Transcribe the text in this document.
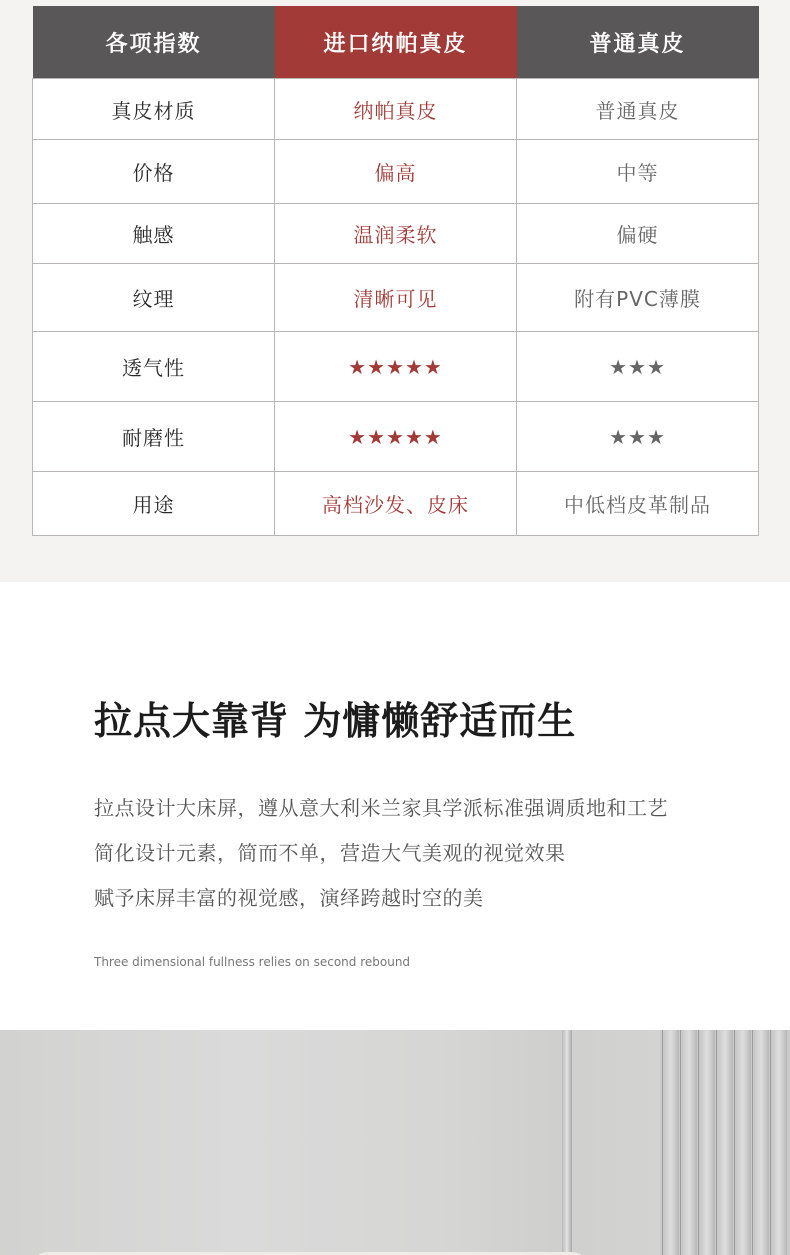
各项指数	进口纳帕真皮	普通真皮
真皮材质	纳帕真皮	普通真皮
价格	偏高	中等
触感	温润柔软	偏硬
纹理	清晰可见	附有PVC薄膜
透气性	★★★★★	★★★
耐磨性	★★★★★	★★★
用途	高档沙发、皮床	中低档皮革制品
拉点大靠背 为慵懒舒适而生

拉点设计大床屏，遵从意大利米兰家具学派标准强调质地和工艺

简化设计元素，简而不单，营造大气美观的视觉效果

赋予床屏丰富的视觉感，演绎跨越时空的美

Three dimensional fullness relies on second rebound
